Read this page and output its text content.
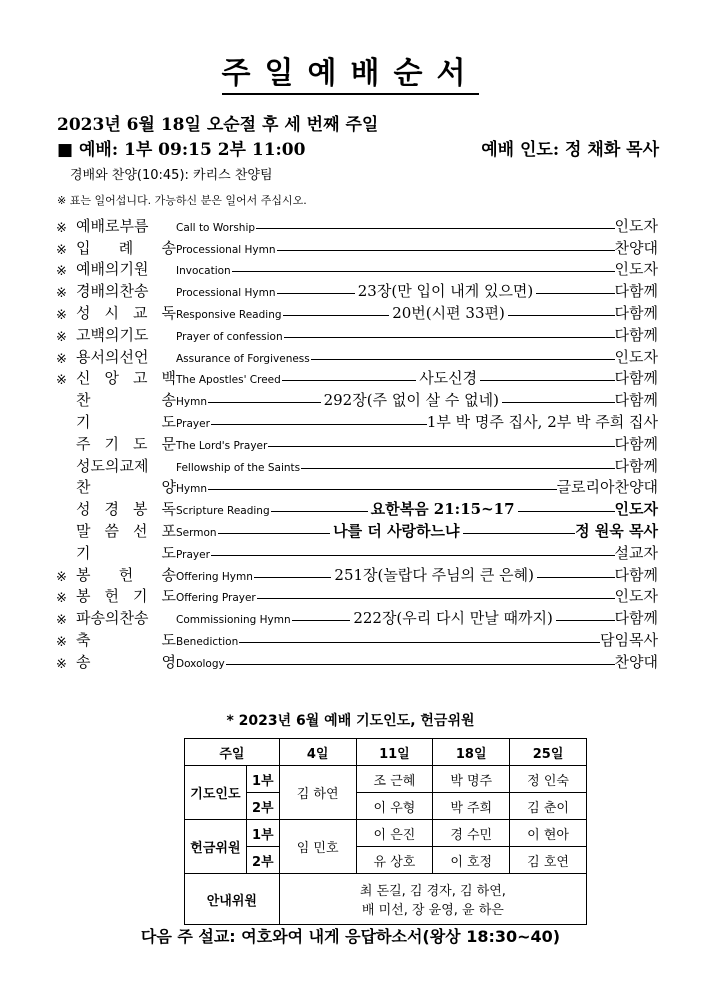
주일예배순서
2023년 6월 18일 오순절 후 세 번째 주일
■ 예배: 1부 09:15 2부 11:00	예배 인도: 정 채화 목사
경배와 찬양(10:45): 카리스 찬양팀
※ 표는 일어섭니다. 가능하신 분은 일어서 주십시오.
※ 예배로부름	Call to Worship	인도자
※ 입 례 송 Processional Hymn	찬양대
※ 예배의기원	Invocation	인도자
※ 경배의찬송	Processional Hymn	23장(만 입이 내게 있으면)	다함께
※ 성 시 교 독 Responsive Reading	20번(시편 33편)	다함께
※ 고백의기도	Prayer of confession	다함께
※ 용서의선언	Assurance of Forgiveness	인도자
※ 신 앙 고 백 The Apostles' Creed	사도신경	다함께
찬	송 Hymn	292장(주 없이 살 수 없네)	다함께
기	도 Prayer	1부 박 명주 집사, 2부 박 주희 집사
주 기 도 문 The Lord's Prayer	다함께
성도의교제	Fellowship of the Saints	다함께
찬	양 Hymn	글로리아찬양대
성 경 봉 독 Scripture Reading	요한복음 21:15~17	인도자
말 씀 선 포 Sermon	나를 더 사랑하느냐	정 원욱 목사
기	도 Prayer	설교자
※ 봉 헌 송 Offering Hymn	251장(놀랍다 주님의 큰 은혜)	다함께
※ 봉 헌 기 도 Offering Prayer	인도자
※ 파송의찬송	Commissioning Hymn	222장(우리 다시 만날 때까지)	다함께
※ 축	도 Benediction	담임목사
※ 송	영 Doxology	찬양대
* 2023년 6월 예배 기도인도, 헌금위원
주일		4일	11일	18일	25일
기도인도	1부	김 하연	조 근혜	박 명주	정 인숙
	2부		이 우형	박 주희	김 춘이
헌금위원	1부	임 민호	이 은진	경 수민	이 현아
	2부		유 상호	이 호정	김 호연
안내위원		최 돈길, 김 경자, 김 하연,
배 미선, 장 윤영, 윤 하은			
다음 주 설교: 여호와여 내게 응답하소서(왕상 18:30~40)
